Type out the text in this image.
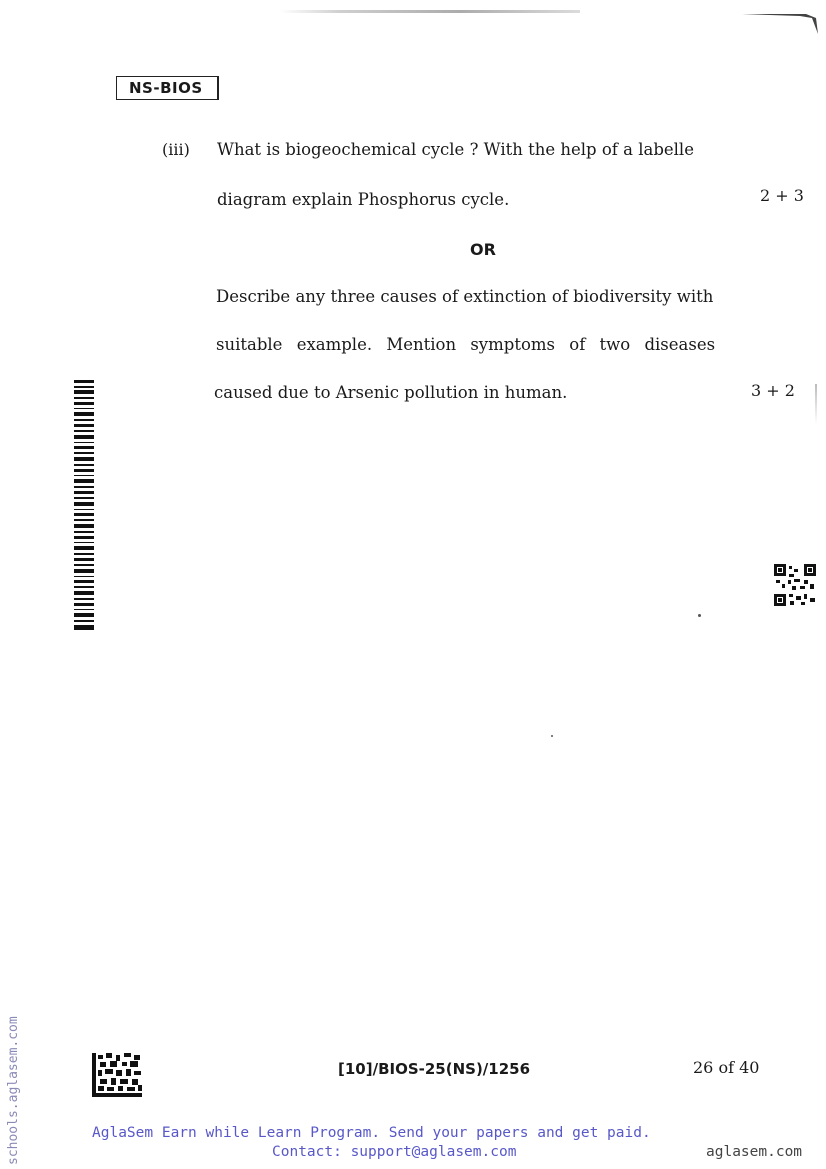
NS-BIOS
(iii) What is biogeochemical cycle ? With the help of a labelle
diagram explain Phosphorus cycle.	2 + 3
OR
Describe any three causes of extinction of biodiversity with
suitable example. Mention symptoms of two diseases
caused due to Arsenic pollution in human.	3 + 2
schools.aglasem.com	[10]/BIOS-25(NS)/1256	26 of 40
AglaSem Earn while Learn Program. Send your papers and get paid.
Contact: support@aglasem.com	aglasem.com
